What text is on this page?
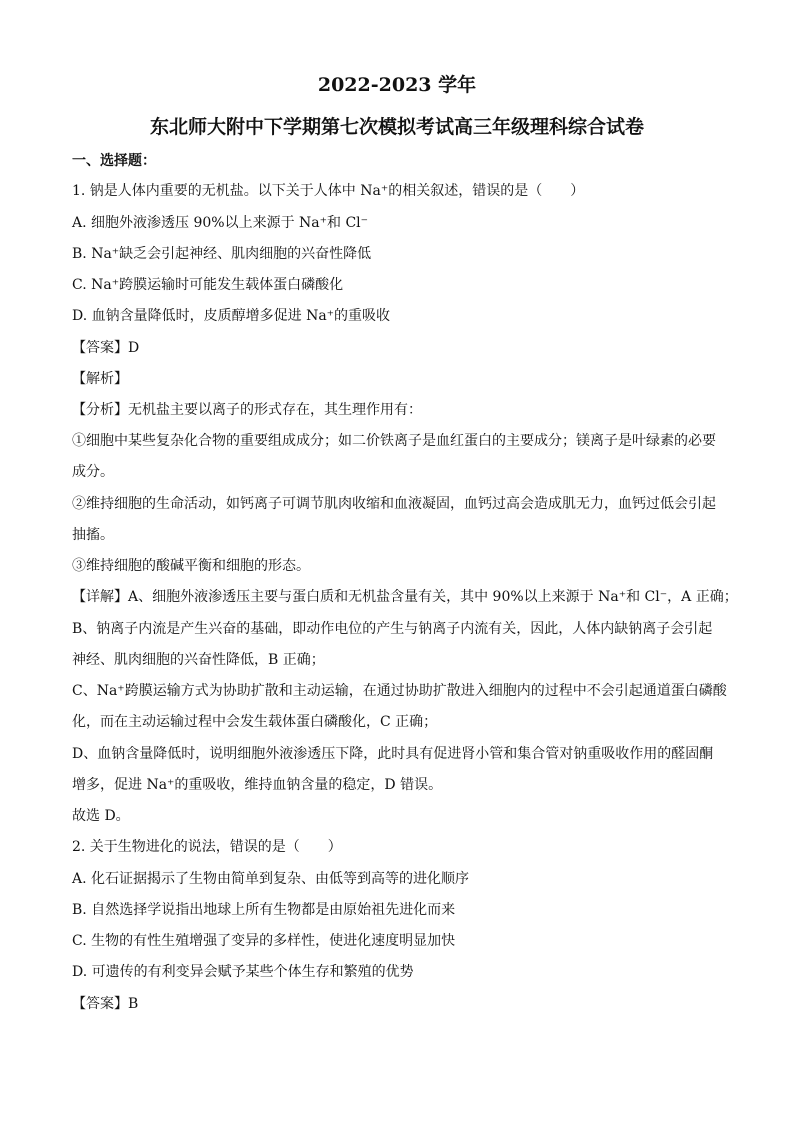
2022-2023 学年
东北师大附中下学期第七次模拟考试高三年级理科综合试卷
一、选择题：
1. 钠是人体内重要的无机盐。以下关于人体中 Na⁺的相关叙述，错误的是（　　）
A. 细胞外液渗透压 90%以上来源于 Na⁺和 Cl⁻
B. Na⁺缺乏会引起神经、肌肉细胞的兴奋性降低
C. Na⁺跨膜运输时可能发生载体蛋白磷酸化
D. 血钠含量降低时，皮质醇增多促进 Na⁺的重吸收
【答案】D
【解析】
【分析】无机盐主要以离子的形式存在，其生理作用有：
①细胞中某些复杂化合物的重要组成成分；如二价铁离子是血红蛋白的主要成分；镁离子是叶绿素的必要
成分。
②维持细胞的生命活动，如钙离子可调节肌肉收缩和血液凝固，血钙过高会造成肌无力，血钙过低会引起
抽搐。
③维持细胞的酸碱平衡和细胞的形态。
【详解】A、细胞外液渗透压主要与蛋白质和无机盐含量有关，其中 90%以上来源于 Na⁺和 Cl⁻，A 正确；
B、钠离子内流是产生兴奋的基础，即动作电位的产生与钠离子内流有关，因此，人体内缺钠离子会引起
神经、肌肉细胞的兴奋性降低，B 正确；
C、Na⁺跨膜运输方式为协助扩散和主动运输，在通过协助扩散进入细胞内的过程中不会引起通道蛋白磷酸
化，而在主动运输过程中会发生载体蛋白磷酸化，C 正确；
D、血钠含量降低时，说明细胞外液渗透压下降，此时具有促进肾小管和集合管对钠重吸收作用的醛固酮
增多，促进 Na⁺的重吸收，维持血钠含量的稳定，D 错误。
故选 D。
2. 关于生物进化的说法，错误的是（　　）
A. 化石证据揭示了生物由简单到复杂、由低等到高等的进化顺序
B. 自然选择学说指出地球上所有生物都是由原始祖先进化而来
C. 生物的有性生殖增强了变异的多样性，使进化速度明显加快
D. 可遗传的有利变异会赋予某些个体生存和繁殖的优势
【答案】B
